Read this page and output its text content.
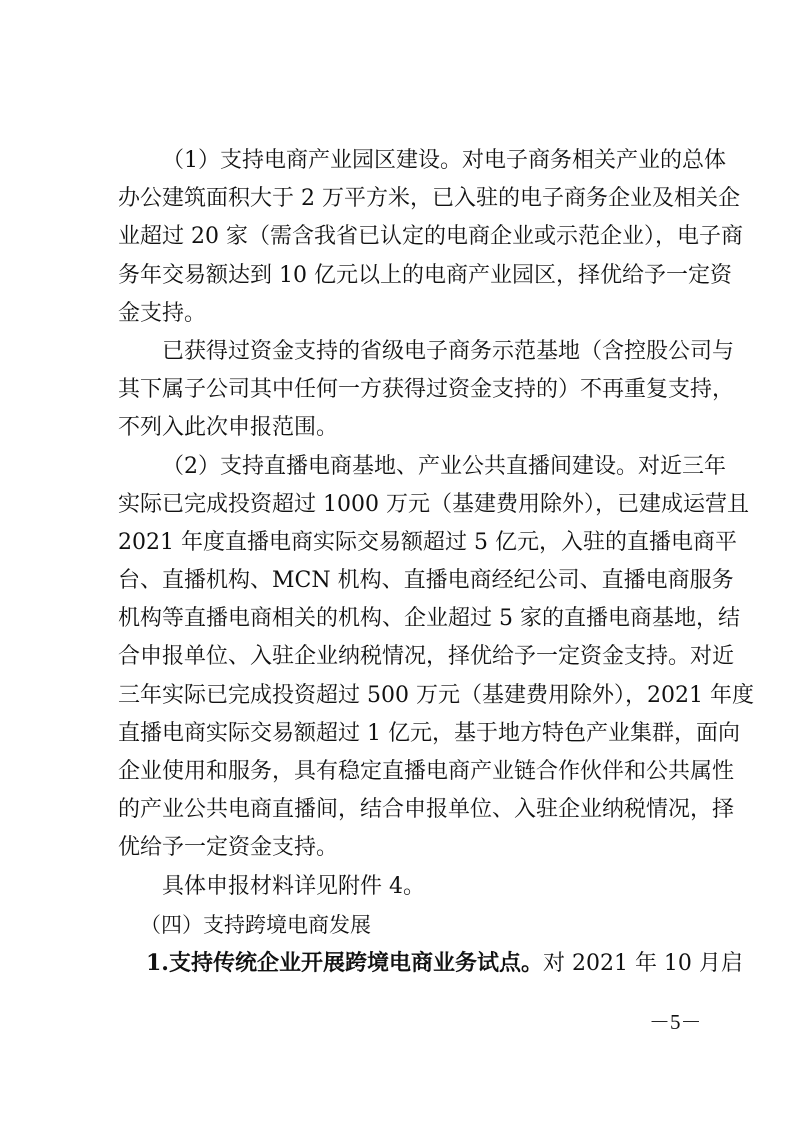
（1）支持电商产业园区建设。对电子商务相关产业的总体
办公建筑面积大于 2 万平方米，已入驻的电子商务企业及相关企
业超过 20 家（需含我省已认定的电商企业或示范企业），电子商
务年交易额达到 10 亿元以上的电商产业园区，择优给予一定资
金支持。
已获得过资金支持的省级电子商务示范基地（含控股公司与
其下属子公司其中任何一方获得过资金支持的）不再重复支持，
不列入此次申报范围。
（2）支持直播电商基地、产业公共直播间建设。对近三年
实际已完成投资超过 1000 万元（基建费用除外），已建成运营且
2021 年度直播电商实际交易额超过 5 亿元，入驻的直播电商平
台、直播机构、MCN 机构、直播电商经纪公司、直播电商服务
机构等直播电商相关的机构、企业超过 5 家的直播电商基地，结
合申报单位、入驻企业纳税情况，择优给予一定资金支持。对近
三年实际已完成投资超过 500 万元（基建费用除外），2021 年度
直播电商实际交易额超过 1 亿元，基于地方特色产业集群，面向
企业使用和服务，具有稳定直播电商产业链合作伙伴和公共属性
的产业公共电商直播间，结合申报单位、入驻企业纳税情况，择
优给予一定资金支持。
具体申报材料详见附件 4。
（四）支持跨境电商发展
1.支持传统企业开展跨境电商业务试点。对 2021 年 10 月启
－5－
